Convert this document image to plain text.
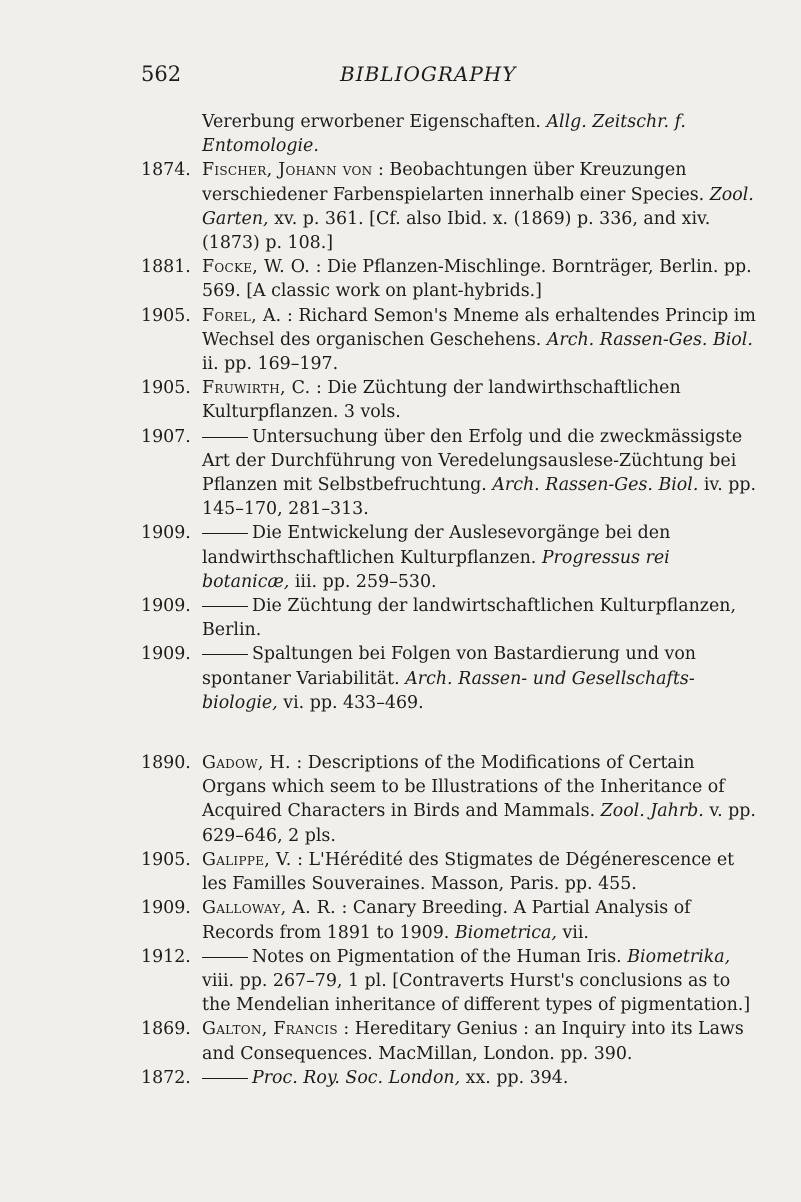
562	BIBLIOGRAPHY
Vererbung erworbener Eigenschaften. Allg. Zeitschr. f. Entomologie.
1874. Fischer, Johann von : Beobachtungen über Kreuzungen verschiedener Farbenspielarten innerhalb einer Species. Zool. Garten, xv. p. 361. [Cf. also Ibid. x. (1869) p. 336, and xiv. (1873) p. 108.]
1881. Focke, W. O. : Die Pflanzen-Mischlinge. Bornträger, Berlin. pp. 569. [A classic work on plant-hybrids.]
1905. Forel, A. : Richard Semon's Mneme als erhaltendes Princip im Wechsel des organischen Geschehens. Arch. Rassen-Ges. Biol. ii. pp. 169–197.
1905. Fruwirth, C. : Die Züchtung der landwirthschaftlichen Kulturpflanzen. 3 vols.
1907.	Untersuchung über den Erfolg und die zweckmässigste Art der Durchführung von Veredelungsauslese-Züchtung bei Pflanzen mit Selbstbefruchtung. Arch. Rassen-Ges. Biol. iv. pp. 145–170, 281–313.
1909.	Die Entwickelung der Auslesevorgänge bei den landwirthschaftlichen Kulturpflanzen. Progressus rei botanicæ, iii. pp. 259–530.
1909.	Die Züchtung der landwirtschaftlichen Kulturpflanzen, Berlin.
1909.	Spaltungen bei Folgen von Bastardierung und von spontaner Variabilität. Arch. Rassen- und Gesellschafts-biologie, vi. pp. 433–469.
1890. Gadow, H. : Descriptions of the Modifications of Certain Organs which seem to be Illustrations of the Inheritance of Acquired Characters in Birds and Mammals. Zool. Jahrb. v. pp. 629–646, 2 pls.
1905. Galippe, V. : L'Hérédité des Stigmates de Dégénerescence et les Familles Souveraines. Masson, Paris. pp. 455.
1909. Galloway, A. R. : Canary Breeding. A Partial Analysis of Records from 1891 to 1909. Biometrica, vii.
1912.	Notes on Pigmentation of the Human Iris. Biometrika, viii. pp. 267–79, 1 pl. [Contraverts Hurst's conclusions as to the Mendelian inheritance of different types of pigmentation.]
1869. Galton, Francis : Hereditary Genius : an Inquiry into its Laws and Consequences. MacMillan, London. pp. 390.
1872.	Proc. Roy. Soc. London, xx. pp. 394.
